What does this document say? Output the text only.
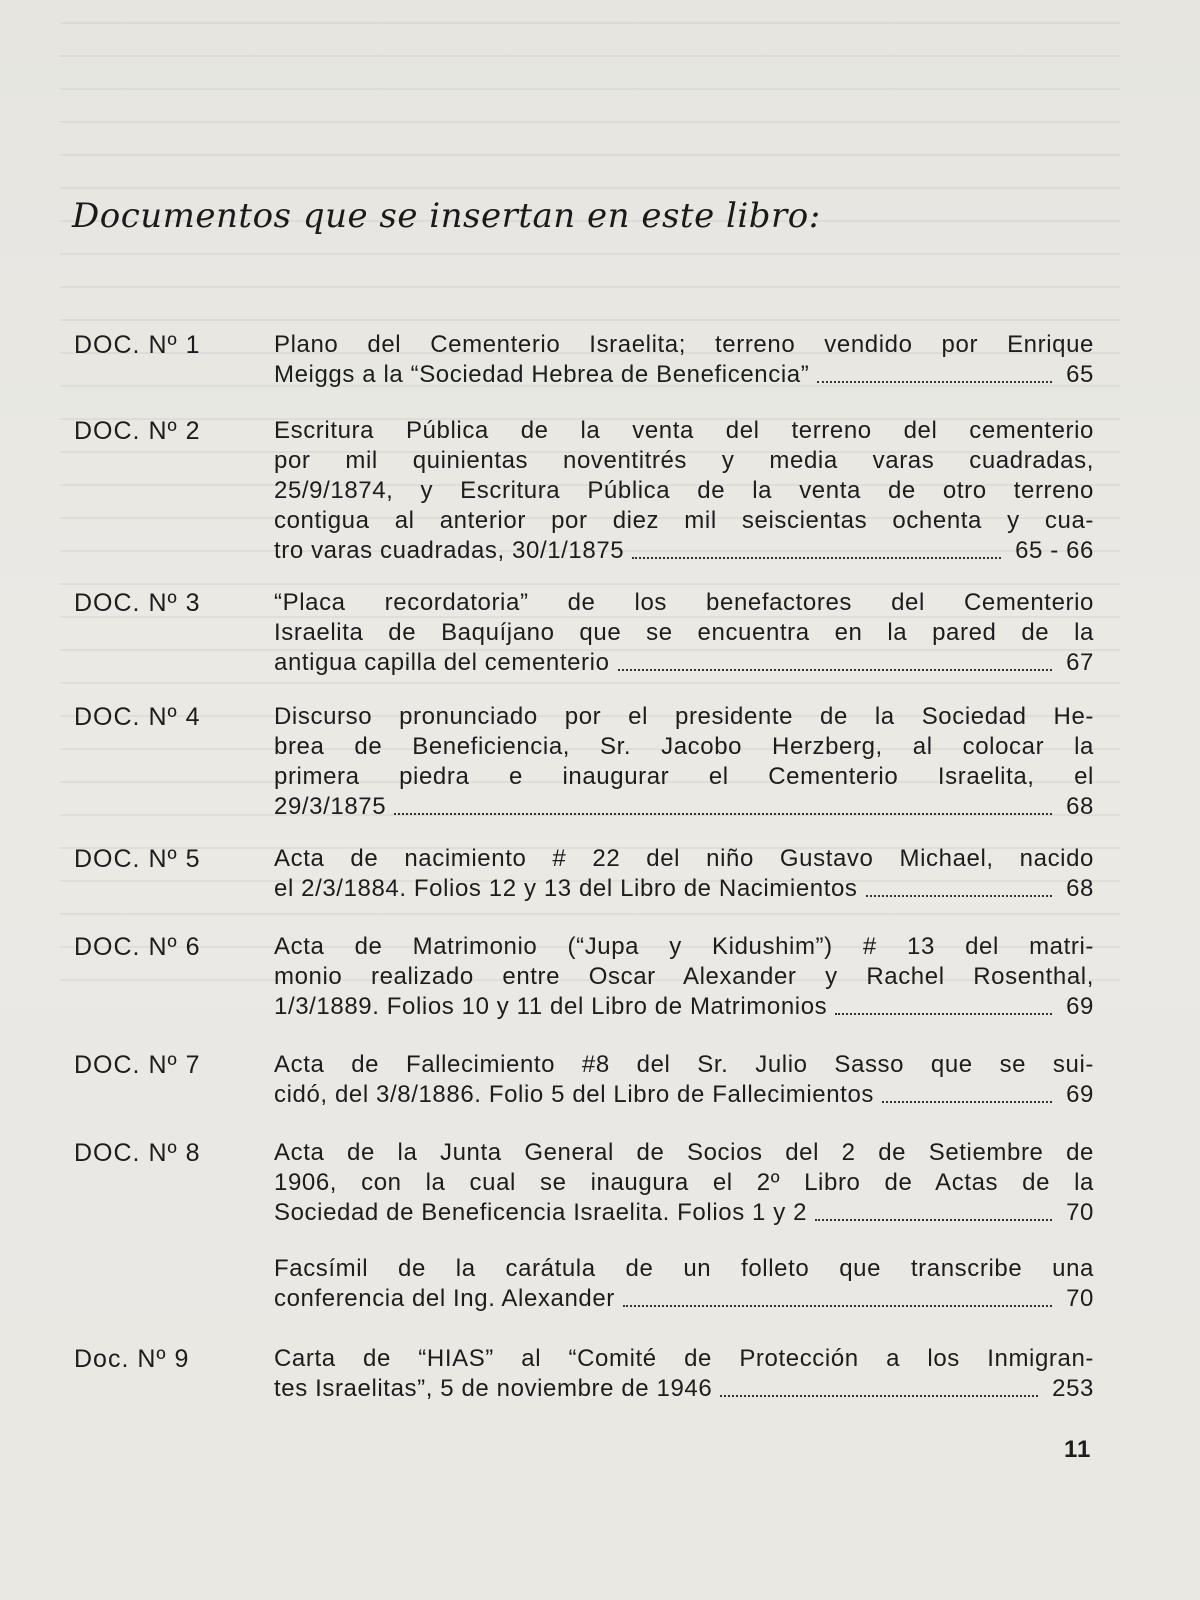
Documentos que se insertan en este libro:
DOC. Nº 1	Plano del Cementerio Israelita; terreno vendido por Enrique
Meiggs a la “Sociedad Hebrea de Beneficencia”	65
DOC. Nº 2	Escritura Pública de la venta del terreno del cementerio
por mil quinientas noventitrés y media varas cuadradas,
25/9/1874, y Escritura Pública de la venta de otro terreno
contigua al anterior por diez mil seiscientas ochenta y cua-
tro varas cuadradas, 30/1/1875	65 - 66
DOC. Nº 3	“Placa recordatoria” de los benefactores del Cementerio
Israelita de Baquíjano que se encuentra en la pared de la
antigua capilla del cementerio	67
DOC. Nº 4	Discurso pronunciado por el presidente de la Sociedad He-
brea de Beneficiencia, Sr. Jacobo Herzberg, al colocar la
primera piedra e inaugurar el Cementerio Israelita, el
29/3/1875	68
DOC. Nº 5	Acta de nacimiento # 22 del niño Gustavo Michael, nacido
el 2/3/1884. Folios 12 y 13 del Libro de Nacimientos	68
DOC. Nº 6	Acta de Matrimonio (“Jupa y Kidushim”) # 13 del matri-
monio realizado entre Oscar Alexander y Rachel Rosenthal,
1/3/1889. Folios 10 y 11 del Libro de Matrimonios	69
DOC. Nº 7	Acta de Fallecimiento #8 del Sr. Julio Sasso que se sui-
cidó, del 3/8/1886. Folio 5 del Libro de Fallecimientos	69
DOC. Nº 8	Acta de la Junta General de Socios del 2 de Setiembre de
1906, con la cual se inaugura el 2º Libro de Actas de la
Sociedad de Beneficencia Israelita. Folios 1 y 2	70
Facsímil de la carátula de un folleto que transcribe una
conferencia del Ing. Alexander	70
Doc. Nº 9	Carta de “HIAS” al “Comité de Protección a los Inmigran-
tes Israelitas”, 5 de noviembre de 1946	253
11
